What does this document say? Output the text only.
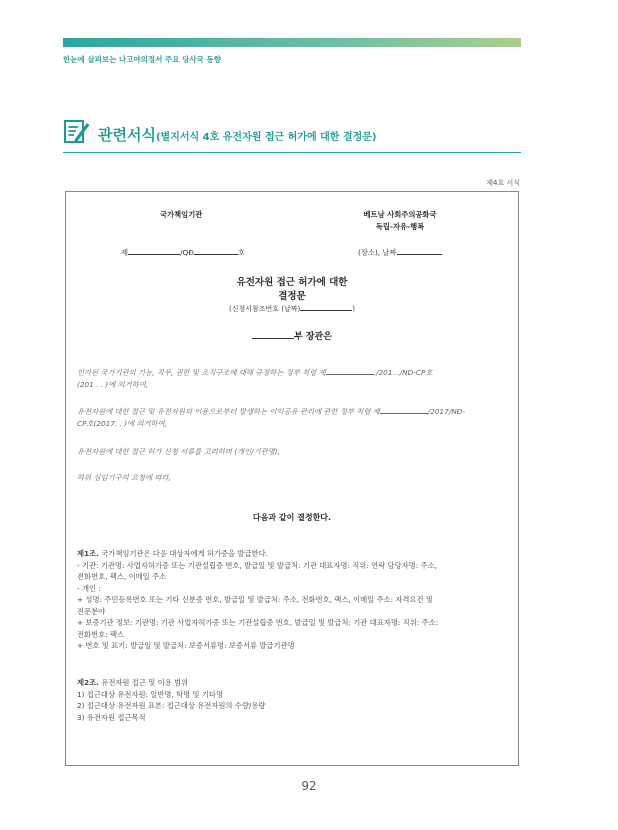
한눈에 살펴보는 나고야의정서 주요 당사국 동향
관련서식(별지서식 4호 유전자원 접근 허가에 대한 결정문)
제4호 서식
국가책임기관	베트남 사회주의공화국
독립-자유-행복
제	/QĐ	호	(장소), 날짜
유전자원 접근 허가에 대한
결정문
(신청서참조번호 (날짜)	)
부 장관은
인가된 국가기관의 기능, 직무, 권한 및 조직구조에 대해 규정하는 정부 칙령 제	./201…/ND-CP호
(201 . . )에 의거하여,
유전자원에 대한 접근 및 유전자원의 이용으로부터 발생하는 이익공유 관리에 관한 정부 칙령 제	/2017/NĐ-
CP호(2017. . )에 의거하여,
유전자원에 대한 접근 허가 신청 서류를 고려하며 (개인/기관명),
하위 심임기구의 요청에 따라,
다음과 같이 결정한다.
제1조. 국가책임기관은 다음 대상자에게 허가증을 발급한다.
- 기관: 기관명: 사업자허가증 또는 기관설립증 번호, 발급일 및 발급처: 기관 대표자명: 직위: 연락 담당자명: 주소,
전화번호, 팩스, 이메일 주소
- 개인 :
+ 성명: 주민등록번호 또는 기타 신분증 번호, 발급일 및 발급처: 주소, 전화번호, 팩스, 이메일 주소: 자격요건 및
전문분야
+ 보증기관 정보: 기관명: 기관 사업자허가증 또는 기관설립증 번호, 발급일 및 발급처: 기관 대표자명: 직위: 주소:
전화번호: 팩스
+ 번호 및 표기: 발급일 및 발급처: 보증서류명: 보증서류 발급기관명
제2조. 유전자원 접근 및 이용 범위
1) 접근대상 유전자원: 일반명, 학명 및 기타명
2) 접근대상 유전자원 표본: 접근대상 유전자원의 수량/용량
3) 유전자원 접근목적
92
